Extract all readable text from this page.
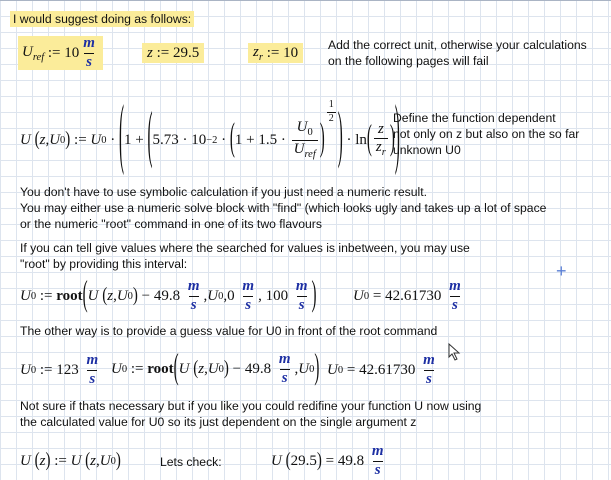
I would suggest doing as follows:
$U_{ref}$ := $10 \frac{m}{s}$	z := 29.5	$z_r$ := 10 Add the correct unit, otherwise your calculations
on the following pages will fail
U
( z , U 0 ) := U 0 · ( 1 + ( 5.73 · 10 −2 · ( $1 + 1.5 \cdot \frac{U_0}{U_{ref}}$ )
$\frac{1}{2}$ ) · ln ( $\frac{z}{z_r}$ ) )
Define the function dependent
not only on z but also on the so far
unknown U0
You don't have to use symbolic calculation if you just need a numeric result.
You may either use a numeric solve block with "find" (which looks ugly and takes up a lot of space
or the numeric "root" command in one of its two flavours
If you can tell give values where the searched for values is inbetween, you may use
"root" by providing this interval:
U 0 := root ( U
( z , U 0 ) − 49.8
$\frac{m}{s}$ , U 0 , 0
$\frac{m}{s}$ , 100
$\frac{m}{s}$ ) U 0 = 42.61730
$\frac{m}{s}$
+
The other way is to provide a guess value for U0 in front of the root command
U 0 := 123
$\frac{m}{s}$ U 0 := root ( U
( z , U 0 ) − 49.8
$\frac{m}{s}$ , U 0 ) U 0 = 42.61730
$\frac{m}{s}$
Not sure if thats necessary but if you like you could redifine your function U now using
the calculated value for U0 so its just dependent on the single argument z
U
( z ) := U
( z , U 0 )	Lets check:	U
( 29.5 ) = 49.8
$\frac{m}{s}$
